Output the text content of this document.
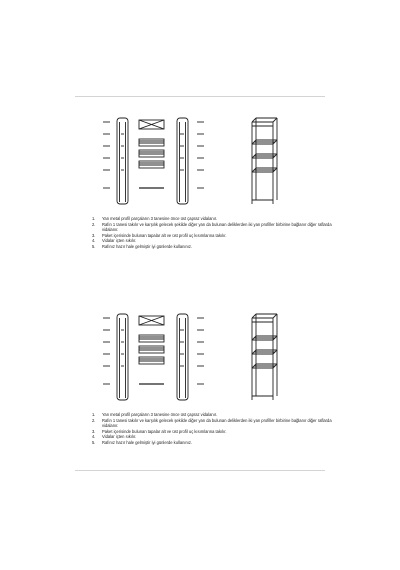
1. Yan metal profil parçaların 3 tanesine önce üst çapraz vidalanır.
2. Rafın 1 tanesi takılır ve karşılık gelecek şekilde diğer yan da bulunan deliklerden iki yan profiller birbirine bağlanır diğer raflarda vidalanır.
3. Paket içerisinde bulunan tapalar alt ve üst profil uç kısımlarına takılır.
4. Vidalar içten sıkılır.
5. Rafınız hazır hale gelmiştir iyi günlerde kullanınız.
1. Yan metal profil parçaların 3 tanesine önce üst çapraz vidalanır.
2. Rafın 1 tanesi takılır ve karşılık gelecek şekilde diğer yan da bulunan deliklerden iki yan profiller birbirine bağlanır diğer raflarda vidalanır.
3. Paket içerisinde bulunan tapalar alt ve üst profil uç kısımlarına takılır.
4. Vidalar içten sıkılır.
5. Rafınız hazır hale gelmiştir iyi günlerde kullanınız.
